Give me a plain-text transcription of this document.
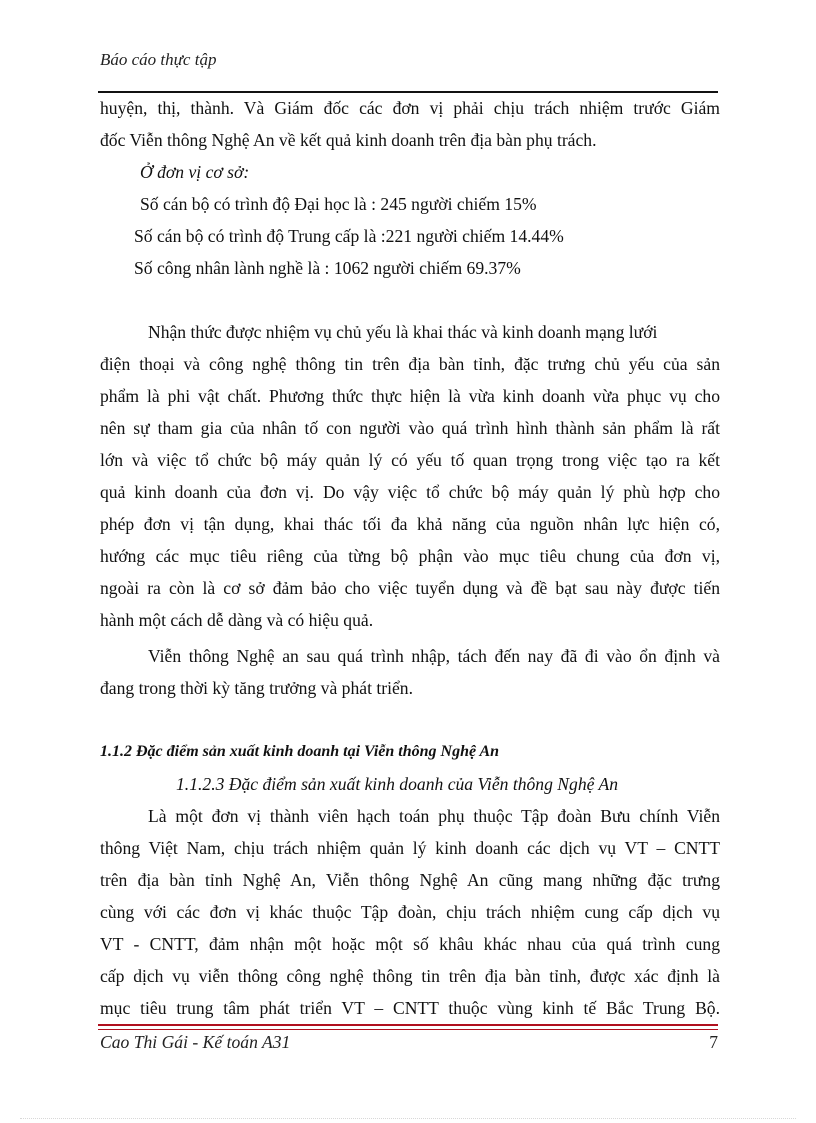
Báo cáo thực tập
huyện, thị, thành. Và Giám đốc các đơn vị phải chịu trách nhiệm trước Giám
đốc Viễn thông Nghệ An về kết quả kinh doanh trên địa bàn phụ trách.
Ở đơn vị cơ sở:
Số cán bộ có trình độ Đại học là : 245 người chiếm 15%
Số cán bộ có trình độ Trung cấp là :221 người chiếm 14.44%
Số công nhân lành nghề là : 1062 người chiếm 69.37%
Nhận thức được nhiệm vụ chủ yếu là khai thác và kinh doanh mạng lưới
điện thoại và công nghệ thông tin trên địa bàn tỉnh, đặc trưng chủ yếu của sản
phẩm là phi vật chất. Phương thức thực hiện là vừa kinh doanh vừa phục vụ cho
nên sự tham gia của nhân tố con người vào quá trình hình thành sản phẩm là rất
lớn và việc tổ chức bộ máy quản lý có yếu tố quan trọng trong việc tạo ra kết
quả kinh doanh của đơn vị. Do vậy việc tổ chức bộ máy quản lý phù hợp cho
phép đơn vị tận dụng, khai thác tối đa khả năng của nguồn nhân lực hiện có,
hướng các mục tiêu riêng của từng bộ phận vào mục tiêu chung của đơn vị,
ngoài ra còn là cơ sở đảm bảo cho việc tuyển dụng và đề bạt sau này được tiến
hành một cách dễ dàng và có hiệu quả.
Viễn thông Nghệ an sau quá trình nhập, tách đến nay đã đi vào ổn định và
đang trong thời kỳ tăng trưởng và phát triển.
1.1.2 Đặc điểm sản xuất kinh doanh tại Viễn thông Nghệ An
1.1.2.3 Đặc điểm sản xuất kinh doanh của Viễn thông Nghệ An
Là một đơn vị thành viên hạch toán phụ thuộc Tập đoàn Bưu chính Viễn
thông Việt Nam, chịu trách nhiệm quản lý kinh doanh các dịch vụ VT – CNTT
trên địa bàn tỉnh Nghệ An, Viễn thông Nghệ An cũng mang những đặc trưng
cùng với các đơn vị khác thuộc Tập đoàn, chịu trách nhiệm cung cấp dịch vụ
VT - CNTT, đảm nhận một hoặc một số khâu khác nhau của quá trình cung
cấp dịch vụ viễn thông công nghệ thông tin trên địa bàn tỉnh, được xác định là
mục tiêu trung tâm phát triển VT – CNTT thuộc vùng kinh tế Bắc Trung Bộ.
Cao Thi Gái - Kế toán A31	7
